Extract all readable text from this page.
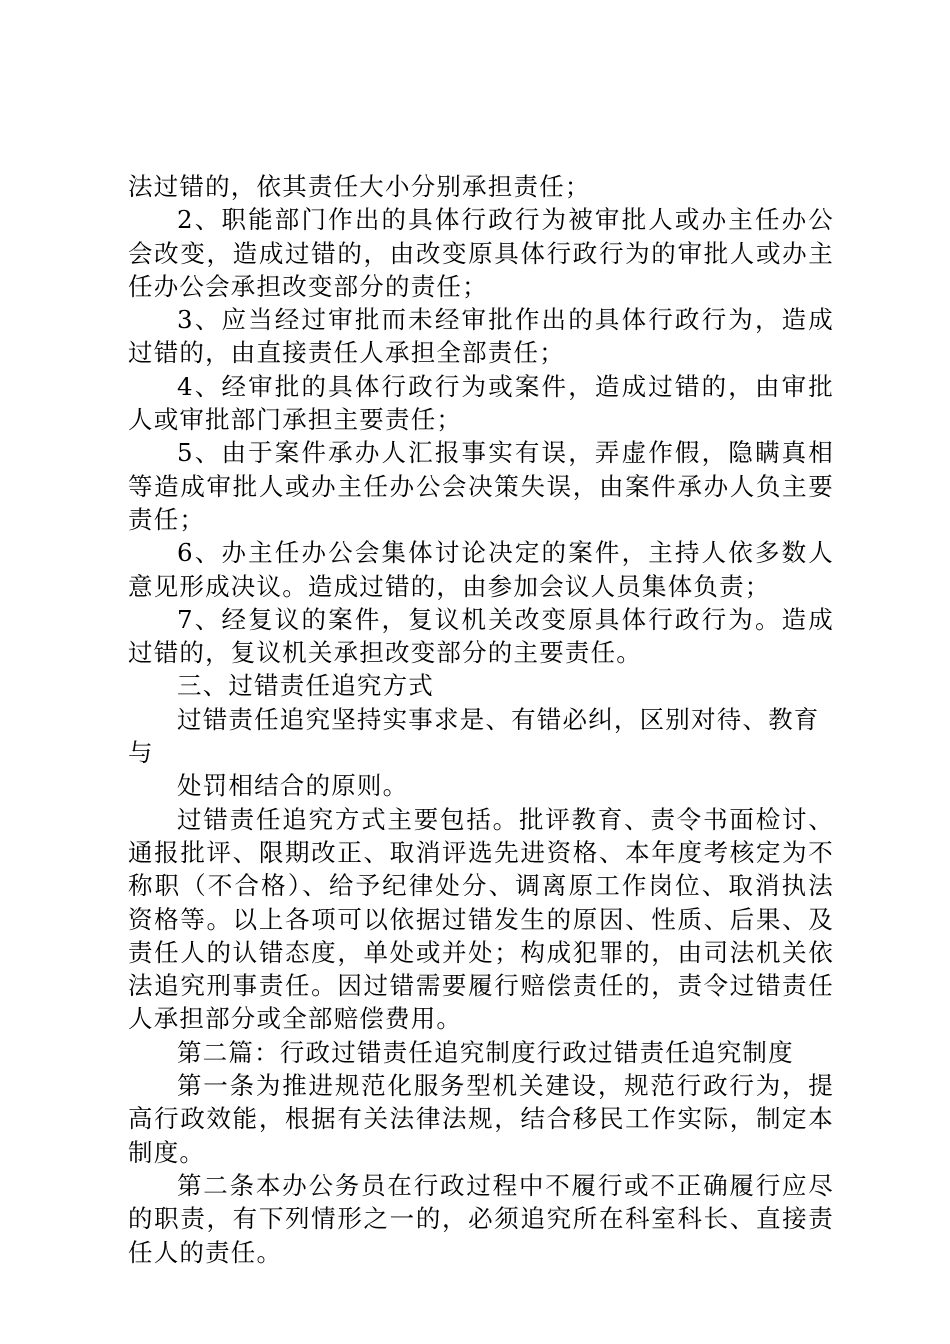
法过错的，依其责任大小分别承担责任；

2、职能部门作出的具体行政行为被审批人或办主任办公会改变，造成过错的，由改变原具体行政行为的审批人或办主任办公会承担改变部分的责任；

3、应当经过审批而未经审批作出的具体行政行为，造成过错的，由直接责任人承担全部责任；

4、经审批的具体行政行为或案件，造成过错的，由审批人或审批部门承担主要责任；

5、由于案件承办人汇报事实有误，弄虚作假，隐瞒真相等造成审批人或办主任办公会决策失误，由案件承办人负主要责任；

6、办主任办公会集体讨论决定的案件，主持人依多数人意见形成决议。造成过错的，由参加会议人员集体负责；

7、经复议的案件，复议机关改变原具体行政行为。造成过错的，复议机关承担改变部分的主要责任。

三、过错责任追究方式

过错责任追究坚持实事求是、有错必纠，区别对待、教育与

处罚相结合的原则。

过错责任追究方式主要包括。批评教育、责令书面检讨、通报批评、限期改正、取消评选先进资格、本年度考核定为不称职（不合格）、给予纪律处分、调离原工作岗位、取消执法资格等。以上各项可以依据过错发生的原因、性质、后果、及责任人的认错态度，单处或并处；构成犯罪的，由司法机关依法追究刑事责任。因过错需要履行赔偿责任的，责令过错责任人承担部分或全部赔偿费用。

第二篇：行政过错责任追究制度行政过错责任追究制度

第一条为推进规范化服务型机关建设，规范行政行为，提高行政效能，根据有关法律法规，结合移民工作实际，制定本制度。

第二条本办公务员在行政过程中不履行或不正确履行应尽的职责，有下列情形之一的，必须追究所在科室科长、直接责任人的责任。
